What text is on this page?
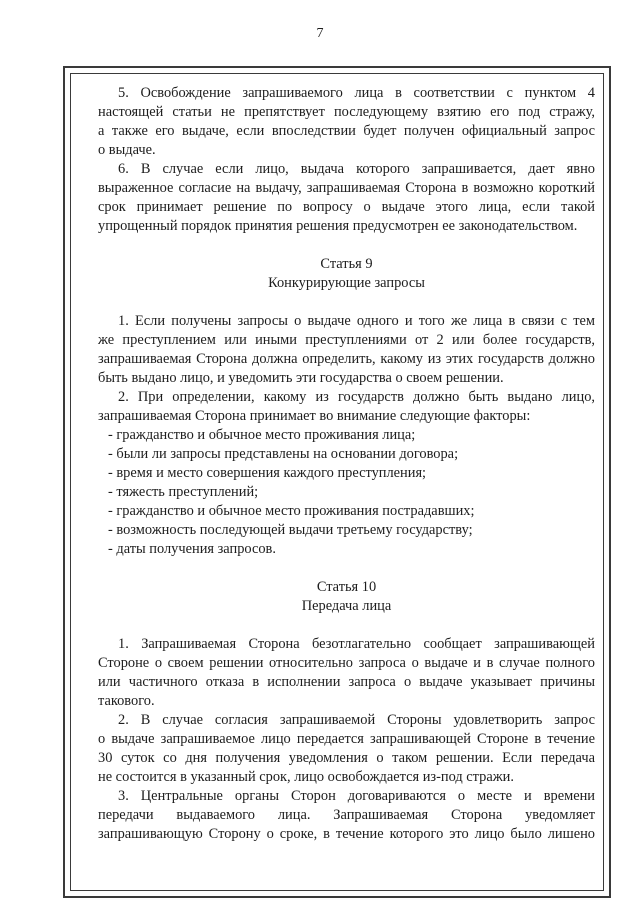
7
5. Освобождение запрашиваемого лица в соответствии с пунктом 4
настоящей статьи не препятствует последующему взятию его под стражу,
а также его выдаче, если впоследствии будет получен официальный запрос
о выдаче.
6. В случае если лицо, выдача которого запрашивается, дает явно
выраженное согласие на выдачу, запрашиваемая Сторона в возможно короткий
срок принимает решение по вопросу о выдаче этого лица, если такой
упрощенный порядок принятия решения предусмотрен ее законодательством.

Статья 9

Конкурирующие запросы

1. Если получены запросы о выдаче одного и того же лица в связи с тем
же преступлением или иными преступлениями от 2 или более государств,
запрашиваемая Сторона должна определить, какому из этих государств должно
быть выдано лицо, и уведомить эти государства о своем решении.
2. При определении, какому из государств должно быть выдано лицо,
запрашиваемая Сторона принимает во внимание следующие факторы:
- гражданство и обычное место проживания лица;
- были ли запросы представлены на основании договора;
- время и место совершения каждого преступления;
- тяжесть преступлений;
- гражданство и обычное место проживания пострадавших;
- возможность последующей выдачи третьему государству;
- даты получения запросов.

Статья 10

Передача лица

1. Запрашиваемая Сторона безотлагательно сообщает запрашивающей
Стороне о своем решении относительно запроса о выдаче и в случае полного
или частичного отказа в исполнении запроса о выдаче указывает причины
такового.
2. В случае согласия запрашиваемой Стороны удовлетворить запрос
о выдаче запрашиваемое лицо передается запрашивающей Стороне в течение
30 суток со дня получения уведомления о таком решении. Если передача
не состоится в указанный срок, лицо освобождается из-под стражи.
3. Центральные органы Сторон договариваются о месте и времени
передачи выдаваемого лица. Запрашиваемая Сторона уведомляет
запрашивающую Сторону о сроке, в течение которого это лицо было лишено
